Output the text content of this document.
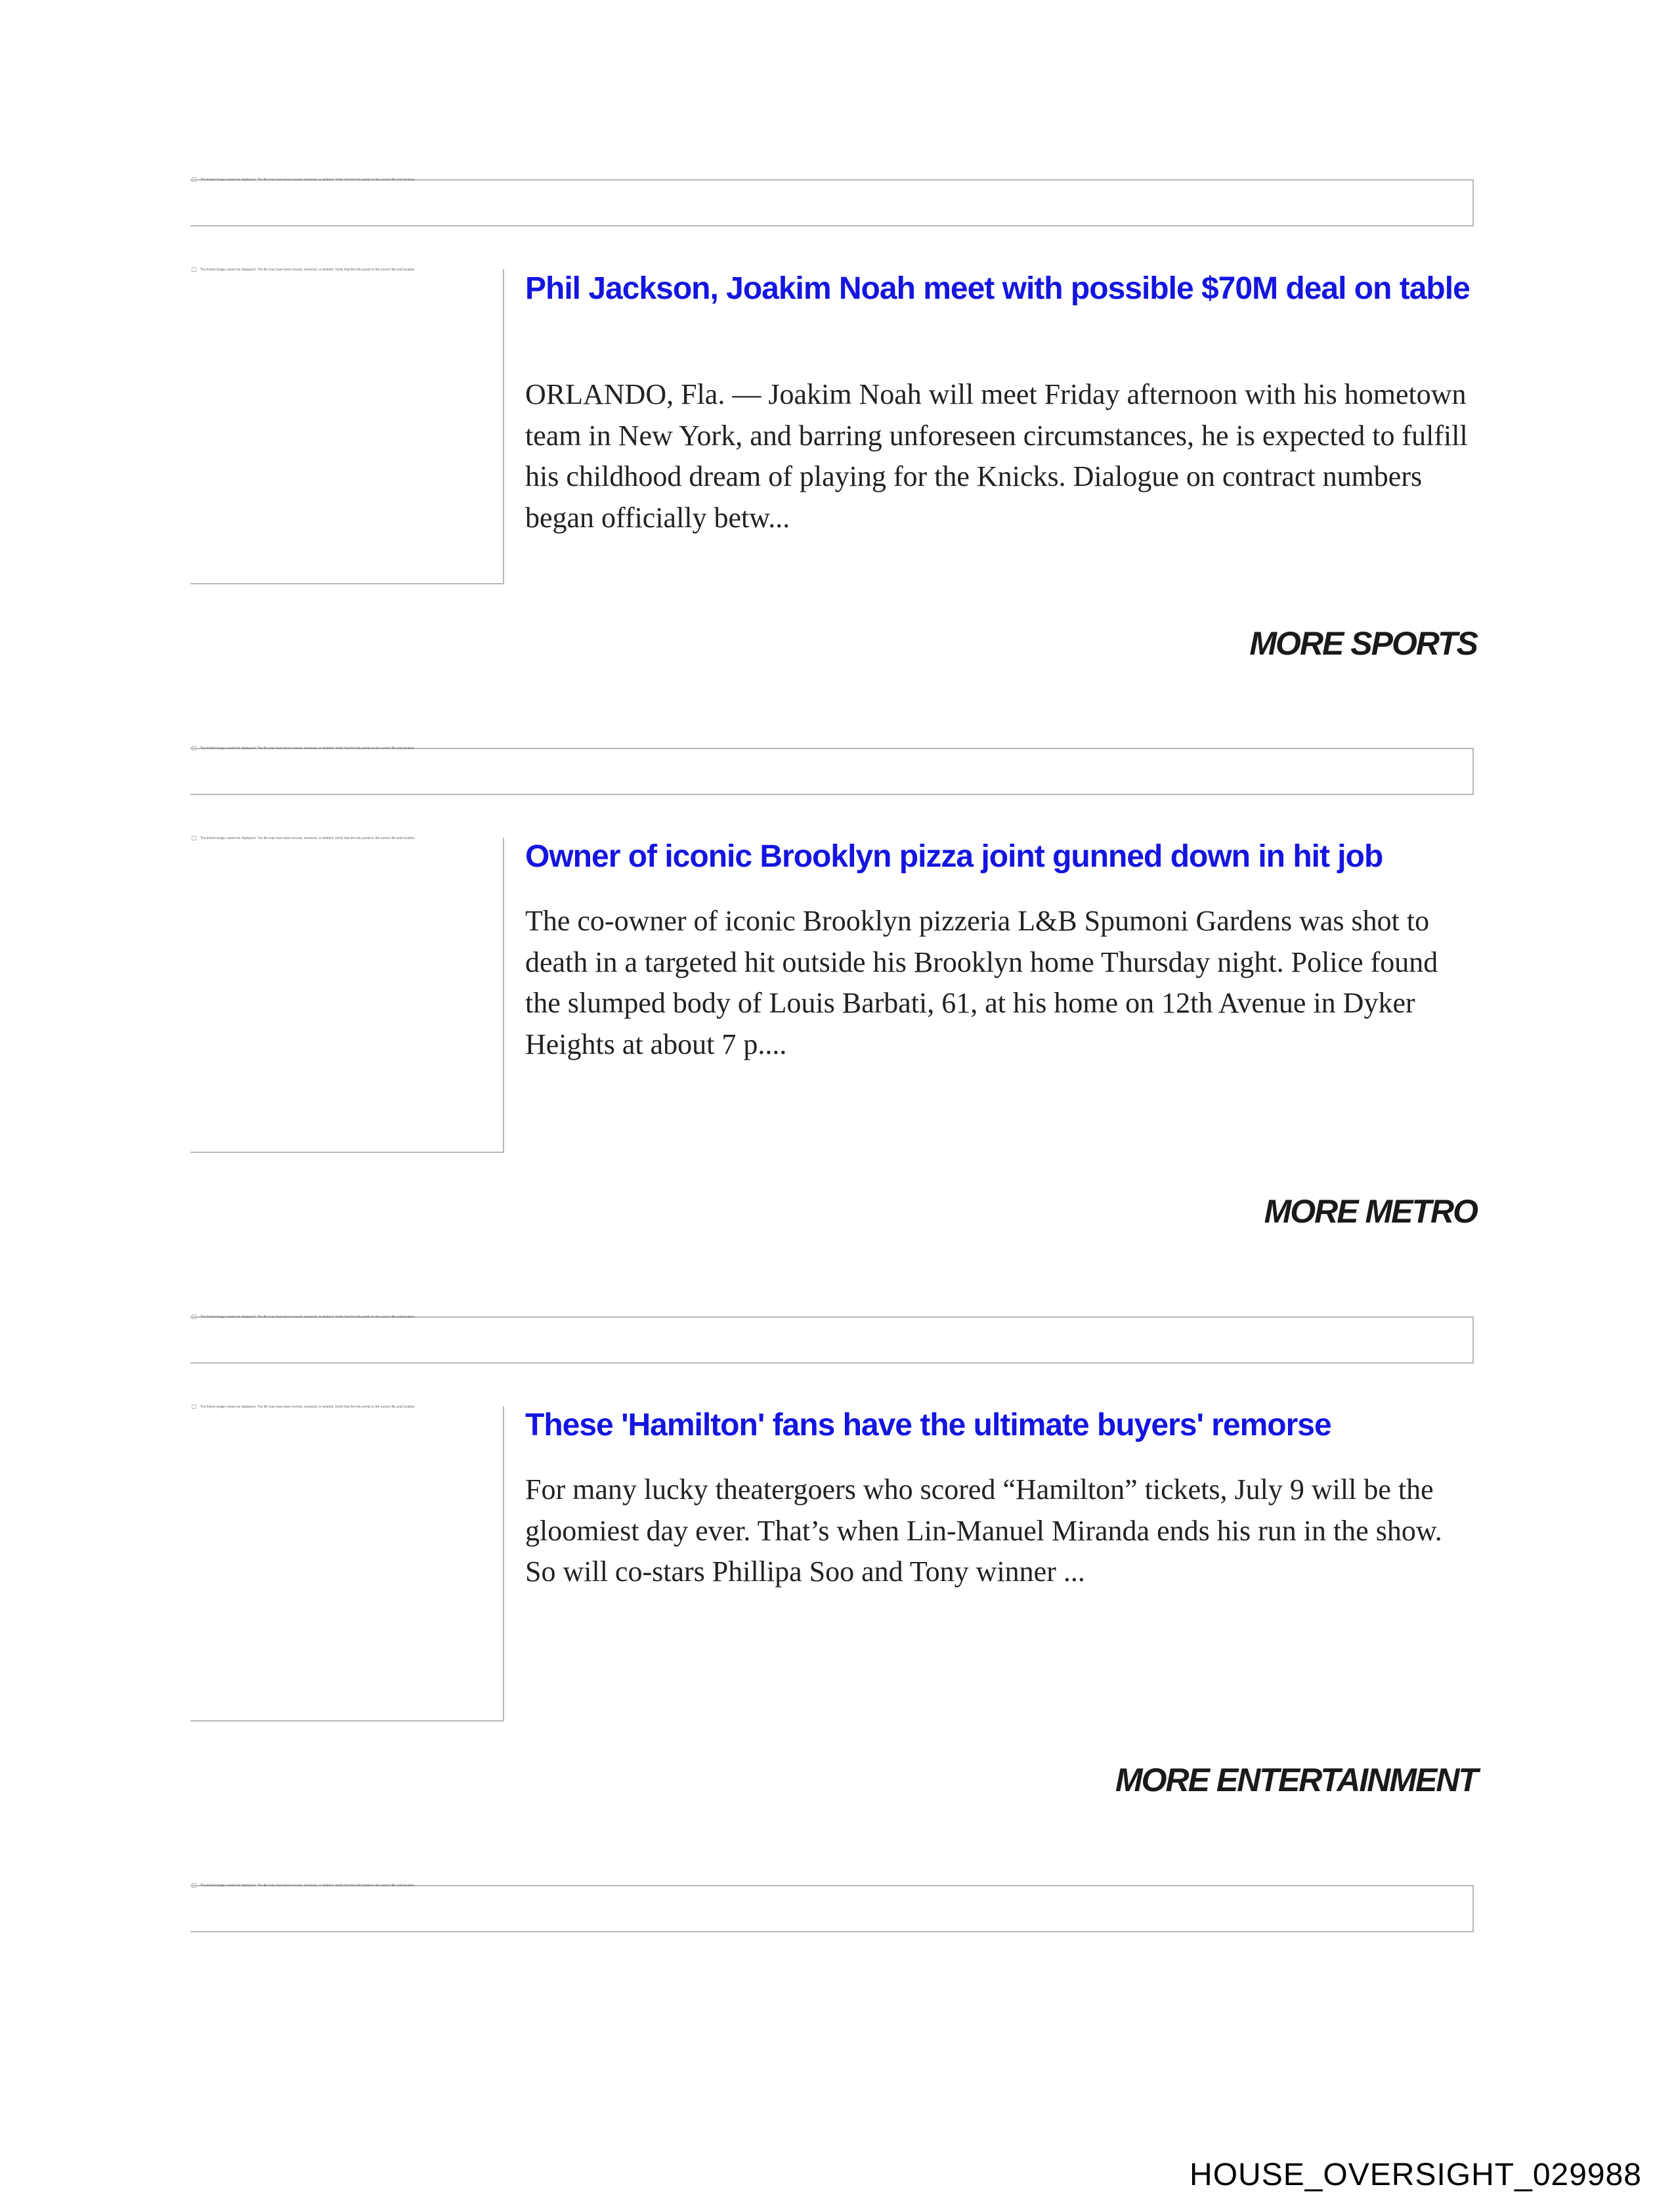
The linked image cannot be displayed. The file may have been moved, renamed, or deleted. Verify that the link points to the correct file and location.
The linked image cannot be displayed. The file may have been moved, renamed, or deleted. Verify that the link points to the correct file and location.
Phil Jackson, Joakim Noah meet with possible $70M deal on table

ORLANDO, Fla. — Joakim Noah will meet Friday afternoon with his hometown team in New York, and barring unforeseen circumstances, he is expected to fulfill his childhood dream of playing for the Knicks. Dialogue on contract numbers began officially betw...

MORE SPORTS
The linked image cannot be displayed. The file may have been moved, renamed, or deleted. Verify that the link points to the correct file and location.
The linked image cannot be displayed. The file may have been moved, renamed, or deleted. Verify that the link points to the correct file and location.
Owner of iconic Brooklyn pizza joint gunned down in hit job

The co-owner of iconic Brooklyn pizzeria L&B Spumoni Gardens was shot to death in a targeted hit outside his Brooklyn home Thursday night. Police found the slumped body of Louis Barbati, 61, at his home on 12th Avenue in Dyker Heights at about 7 p....

MORE METRO
The linked image cannot be displayed. The file may have been moved, renamed, or deleted. Verify that the link points to the correct file and location.
The linked image cannot be displayed. The file may have been moved, renamed, or deleted. Verify that the link points to the correct file and location.
These 'Hamilton' fans have the ultimate buyers' remorse

For many lucky theatergoers who scored “Hamilton” tickets, July 9 will be the gloomiest day ever. That’s when Lin-Manuel Miranda ends his run in the show. So will co-stars Phillipa Soo and Tony winner ...

MORE ENTERTAINMENT
The linked image cannot be displayed. The file may have been moved, renamed, or deleted. Verify that the link points to the correct file and location.
HOUSE_OVERSIGHT_029988
